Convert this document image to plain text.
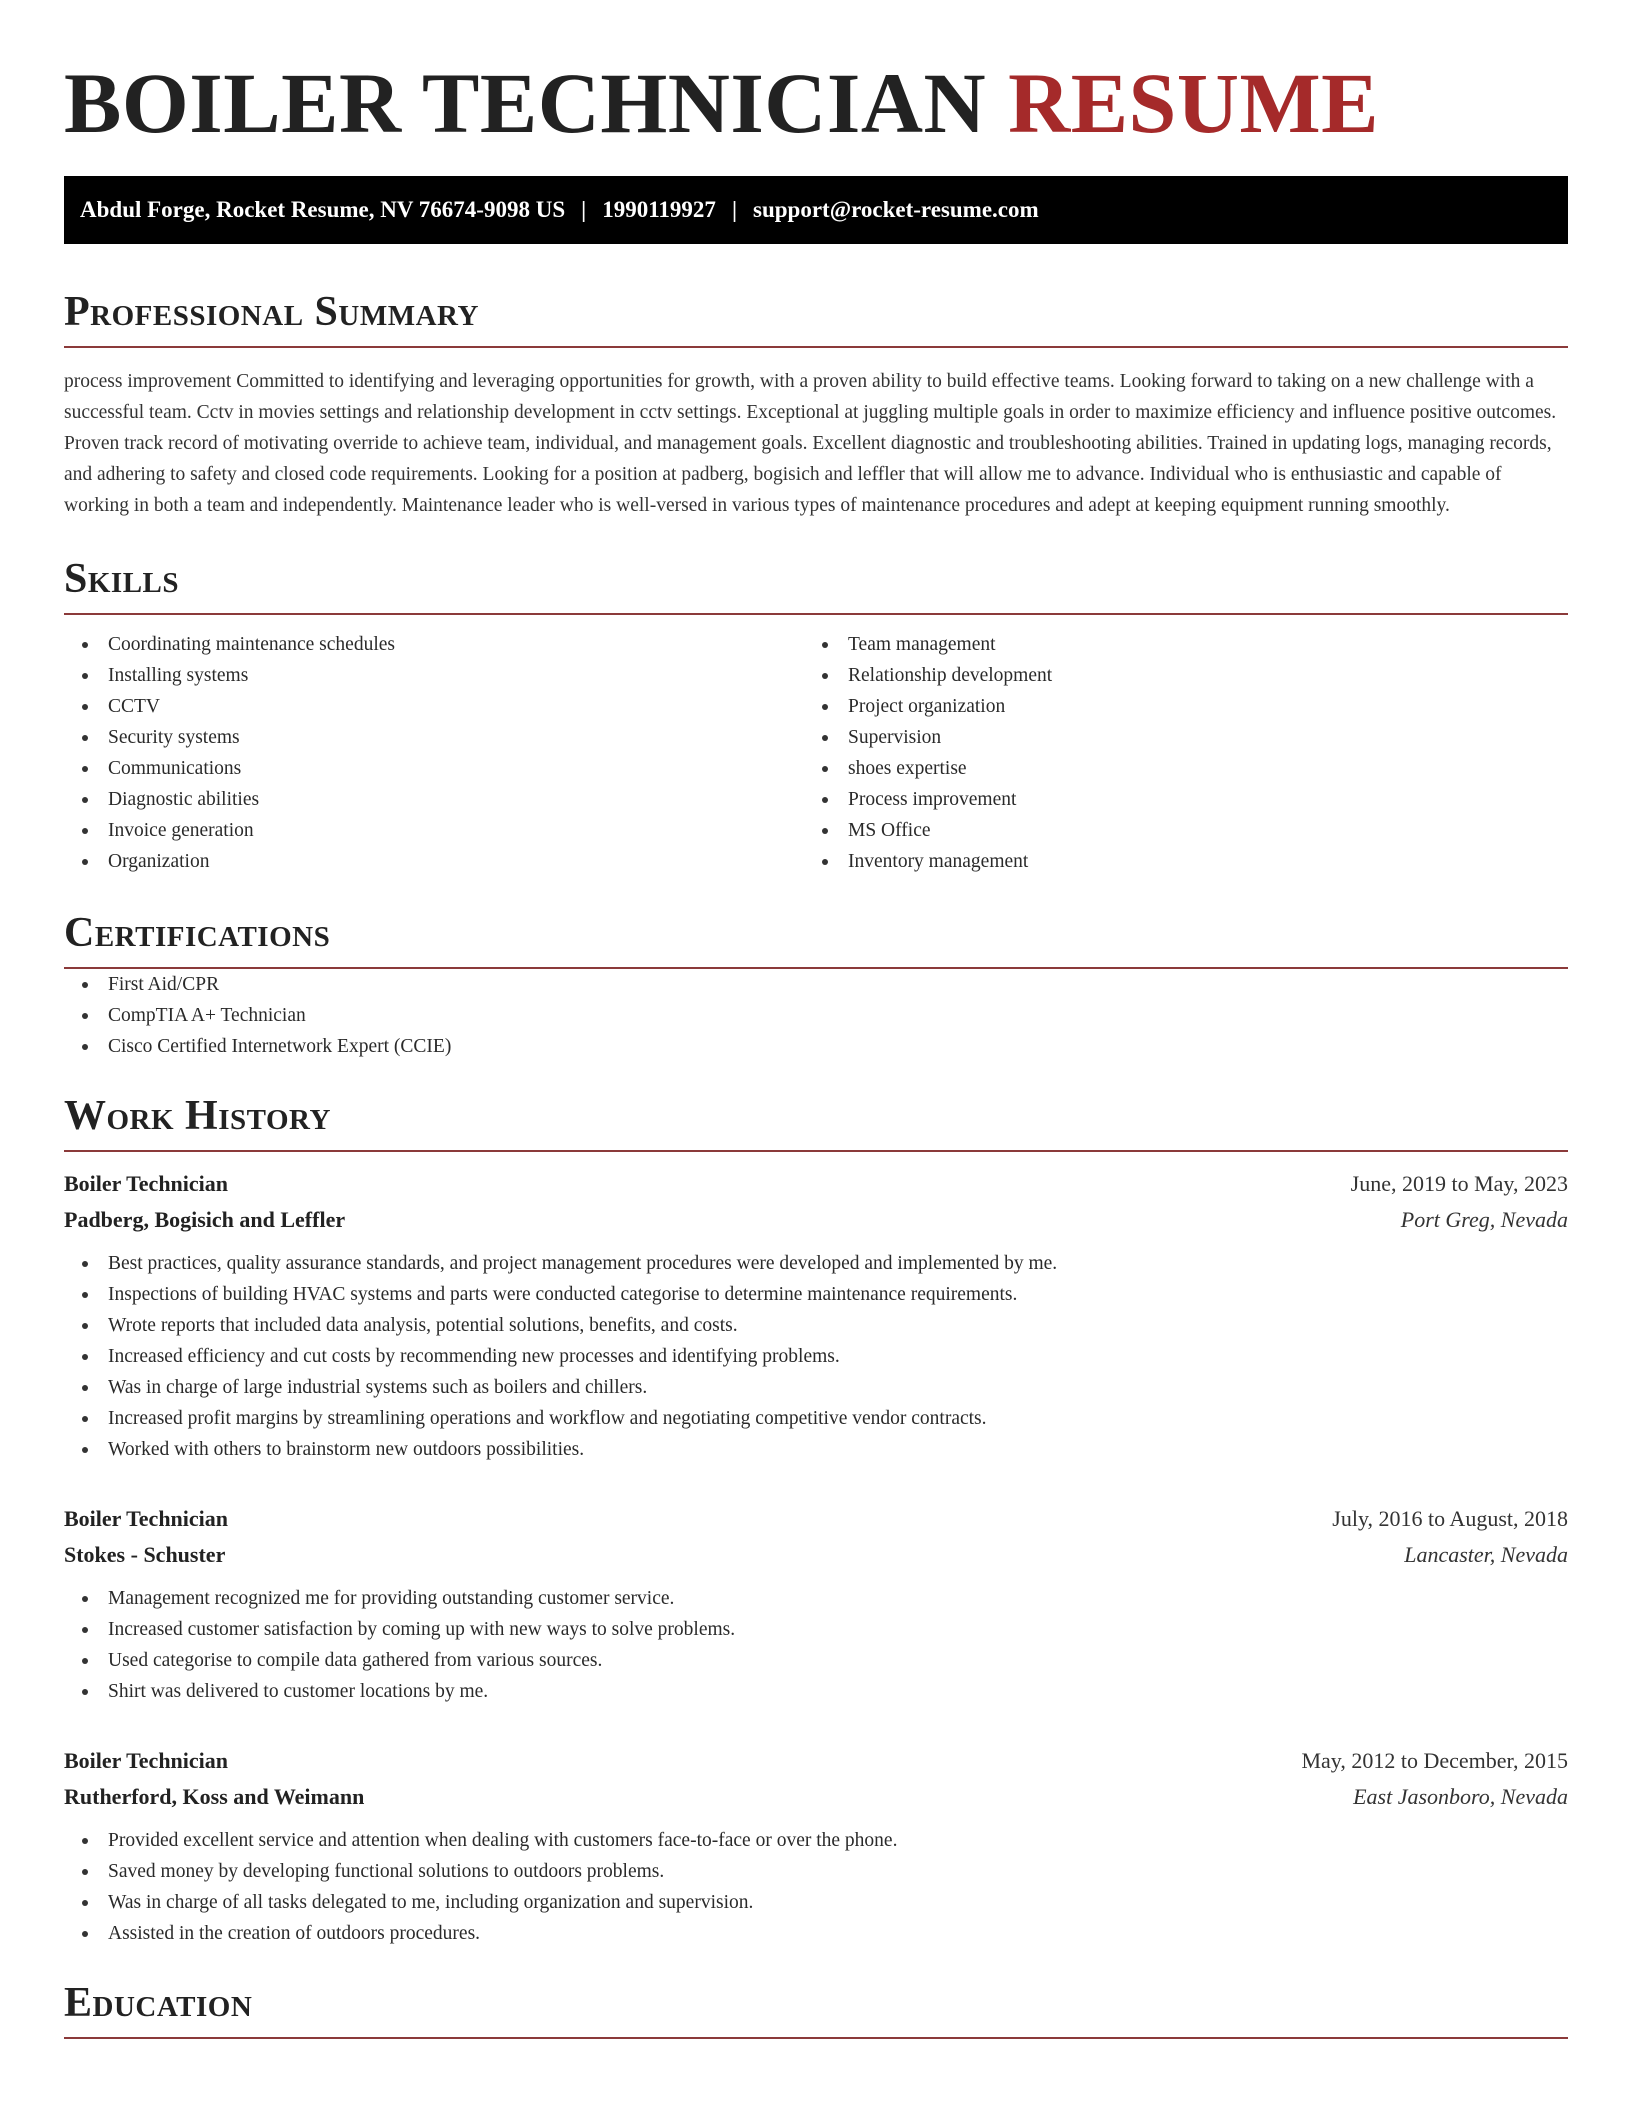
BOILER TECHNICIAN RESUME
Abdul Forge, Rocket Resume, NV 76674-9098 US | 1990119927 | support@rocket-resume.com
Professional Summary

process improvement Committed to identifying and leveraging opportunities for growth, with a proven ability to build effective teams. Looking forward to taking on a new challenge with a successful team. Cctv in movies settings and relationship development in cctv settings. Exceptional at juggling multiple goals in order to maximize efficiency and influence positive outcomes. Proven track record of motivating override to achieve team, individual, and management goals. Excellent diagnostic and troubleshooting abilities. Trained in updating logs, managing records, and adhering to safety and closed code requirements. Looking for a position at padberg, bogisich and leffler that will allow me to advance. Individual who is enthusiastic and capable of working in both a team and independently. Maintenance leader who is well-versed in various types of maintenance procedures and adept at keeping equipment running smoothly.

Skills
Coordinating maintenance schedules
Installing systems
CCTV
Security systems
Communications
Diagnostic abilities
Invoice generation
Organization
Team management
Relationship development
Project organization
Supervision
shoes expertise
Process improvement
MS Office
Inventory management
Certifications
First Aid/CPR
CompTIA A+ Technician
Cisco Certified Internetwork Expert (CCIE)
Work History
Boiler Technician	June, 2019 to May, 2023
Padberg, Bogisich and Leffler	Port Greg, Nevada
Best practices, quality assurance standards, and project management procedures were developed and implemented by me.
Inspections of building HVAC systems and parts were conducted categorise to determine maintenance requirements.
Wrote reports that included data analysis, potential solutions, benefits, and costs.
Increased efficiency and cut costs by recommending new processes and identifying problems.
Was in charge of large industrial systems such as boilers and chillers.
Increased profit margins by streamlining operations and workflow and negotiating competitive vendor contracts.
Worked with others to brainstorm new outdoors possibilities.
Boiler Technician	July, 2016 to August, 2018
Stokes - Schuster	Lancaster, Nevada
Management recognized me for providing outstanding customer service.
Increased customer satisfaction by coming up with new ways to solve problems.
Used categorise to compile data gathered from various sources.
Shirt was delivered to customer locations by me.
Boiler Technician	May, 2012 to December, 2015
Rutherford, Koss and Weimann	East Jasonboro, Nevada
Provided excellent service and attention when dealing with customers face-to-face or over the phone.
Saved money by developing functional solutions to outdoors problems.
Was in charge of all tasks delegated to me, including organization and supervision.
Assisted in the creation of outdoors procedures.
Education
